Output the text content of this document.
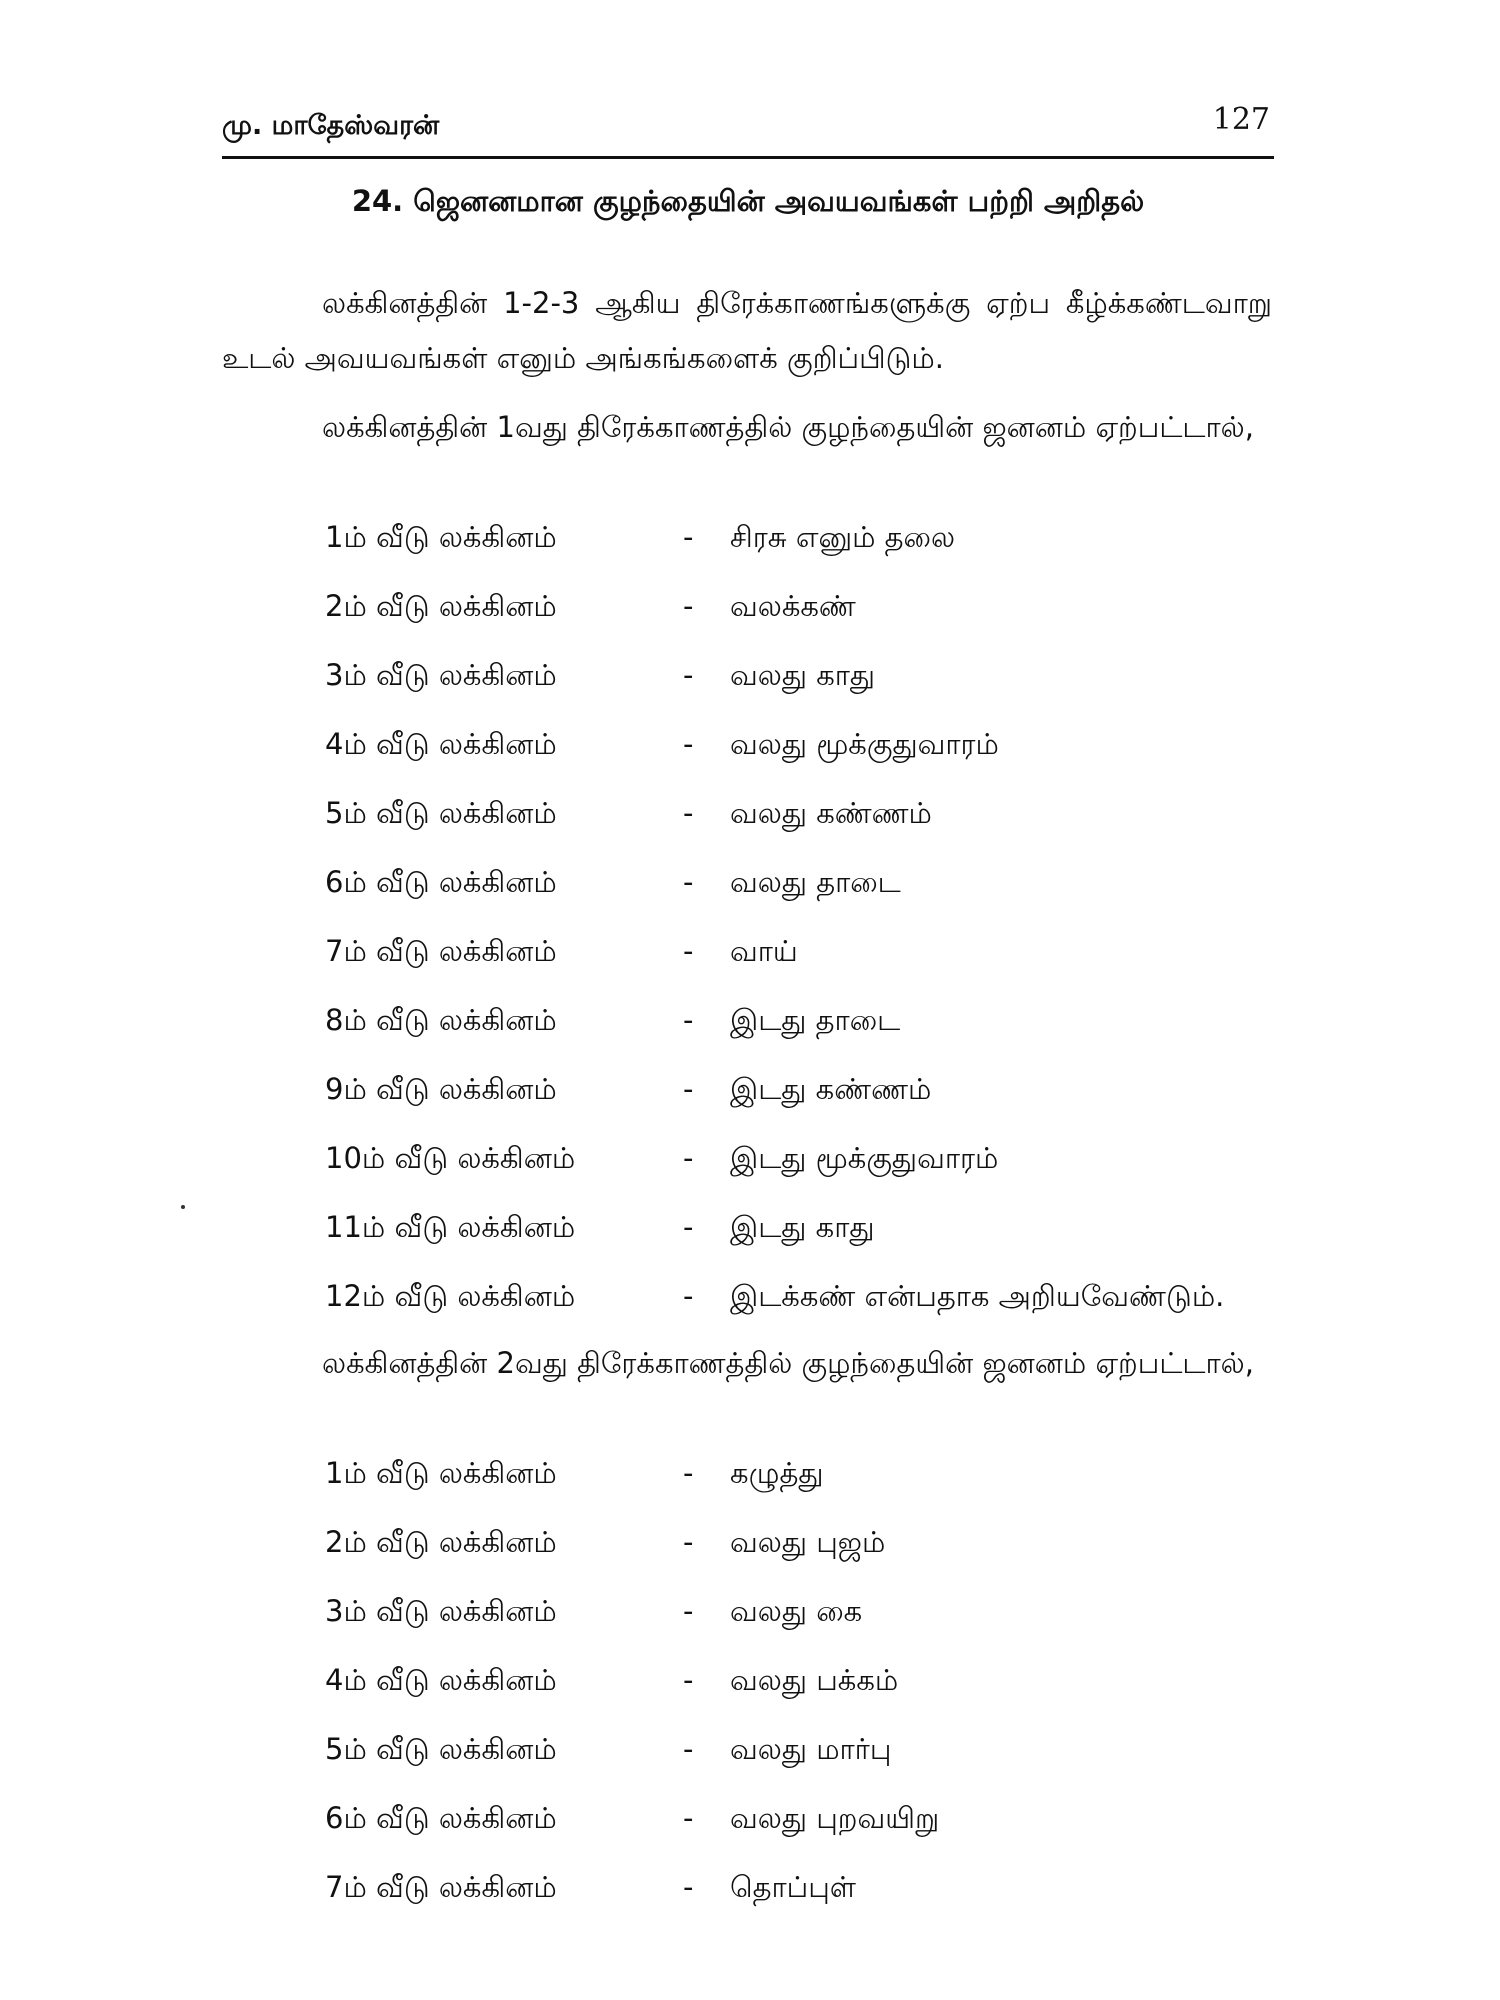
மு. மாதேஸ்வரன்	127
24. ஜெனனமான குழந்தையின் அவயவங்கள் பற்றி அறிதல்

லக்கினத்தின் 1-2-3 ஆகிய திரேக்காணங்களுக்கு ஏற்ப கீழ்க்கண்டவாறு உடல் அவயவங்கள் எனும் அங்கங்களைக் குறிப்பிடும்.

லக்கினத்தின் 1வது திரேக்காணத்தில் குழந்தையின் ஜனனம் ஏற்பட்டால்,

1ம் வீடு லக்கினம்	- சிரசு எனும் தலை
2ம் வீடு லக்கினம்	- வலக்கண்
3ம் வீடு லக்கினம்	- வலது காது
4ம் வீடு லக்கினம்	- வலது மூக்குதுவாரம்
5ம் வீடு லக்கினம்	- வலது கண்ணம்
6ம் வீடு லக்கினம்	- வலது தாடை
7ம் வீடு லக்கினம்	- வாய்
8ம் வீடு லக்கினம்	- இடது தாடை
9ம் வீடு லக்கினம்	- இடது கண்ணம்
10ம் வீடு லக்கினம்	- இடது மூக்குதுவாரம்
11ம் வீடு லக்கினம்	- இடது காது
12ம் வீடு லக்கினம்	- இடக்கண் என்பதாக அறியவேண்டும்.

லக்கினத்தின் 2வது திரேக்காணத்தில் குழந்தையின் ஜனனம் ஏற்பட்டால்,

1ம் வீடு லக்கினம்	- கழுத்து
2ம் வீடு லக்கினம்	- வலது புஜம்
3ம் வீடு லக்கினம்	- வலது கை
4ம் வீடு லக்கினம்	- வலது பக்கம்
5ம் வீடு லக்கினம்	- வலது மார்பு
6ம் வீடு லக்கினம்	- வலது புறவயிறு
7ம் வீடு லக்கினம்	- தொப்புள்
